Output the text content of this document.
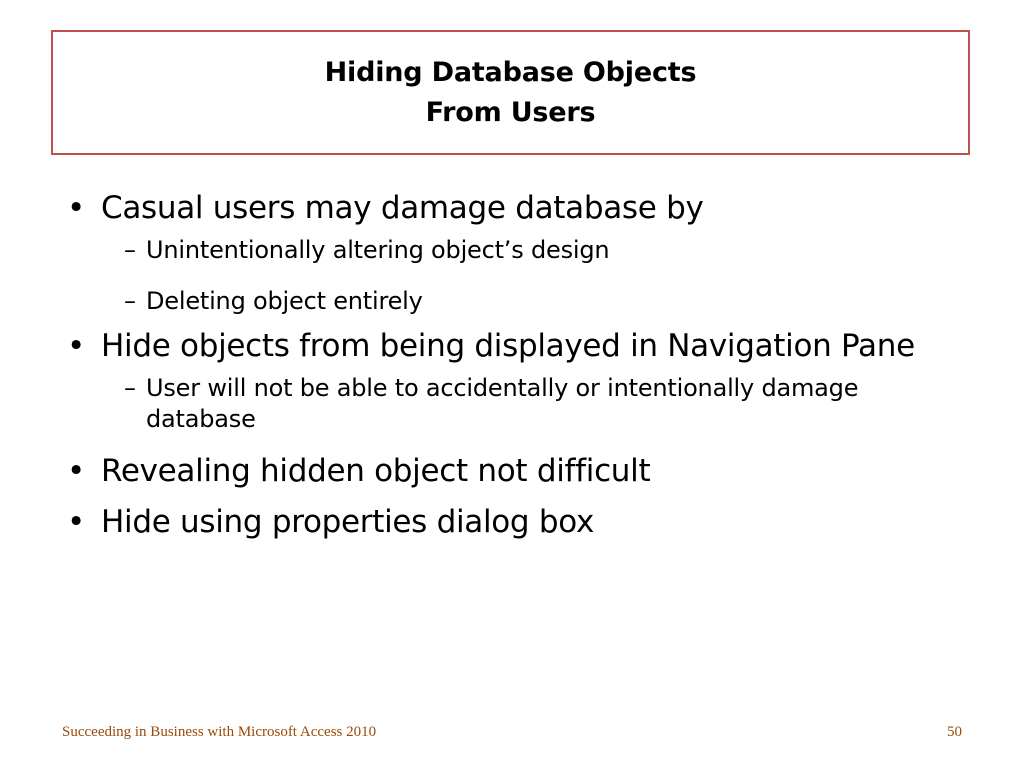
Hiding Database Objects
From Users
• Casual users may damage database by
– Unintentionally altering object’s design
– Deleting object entirely
• Hide objects from being displayed in Navigation Pane
– User will not be able to accidentally or intentionally damage database
• Revealing hidden object not difficult
• Hide using properties dialog box
Succeeding in Business with Microsoft Access 2010	50
